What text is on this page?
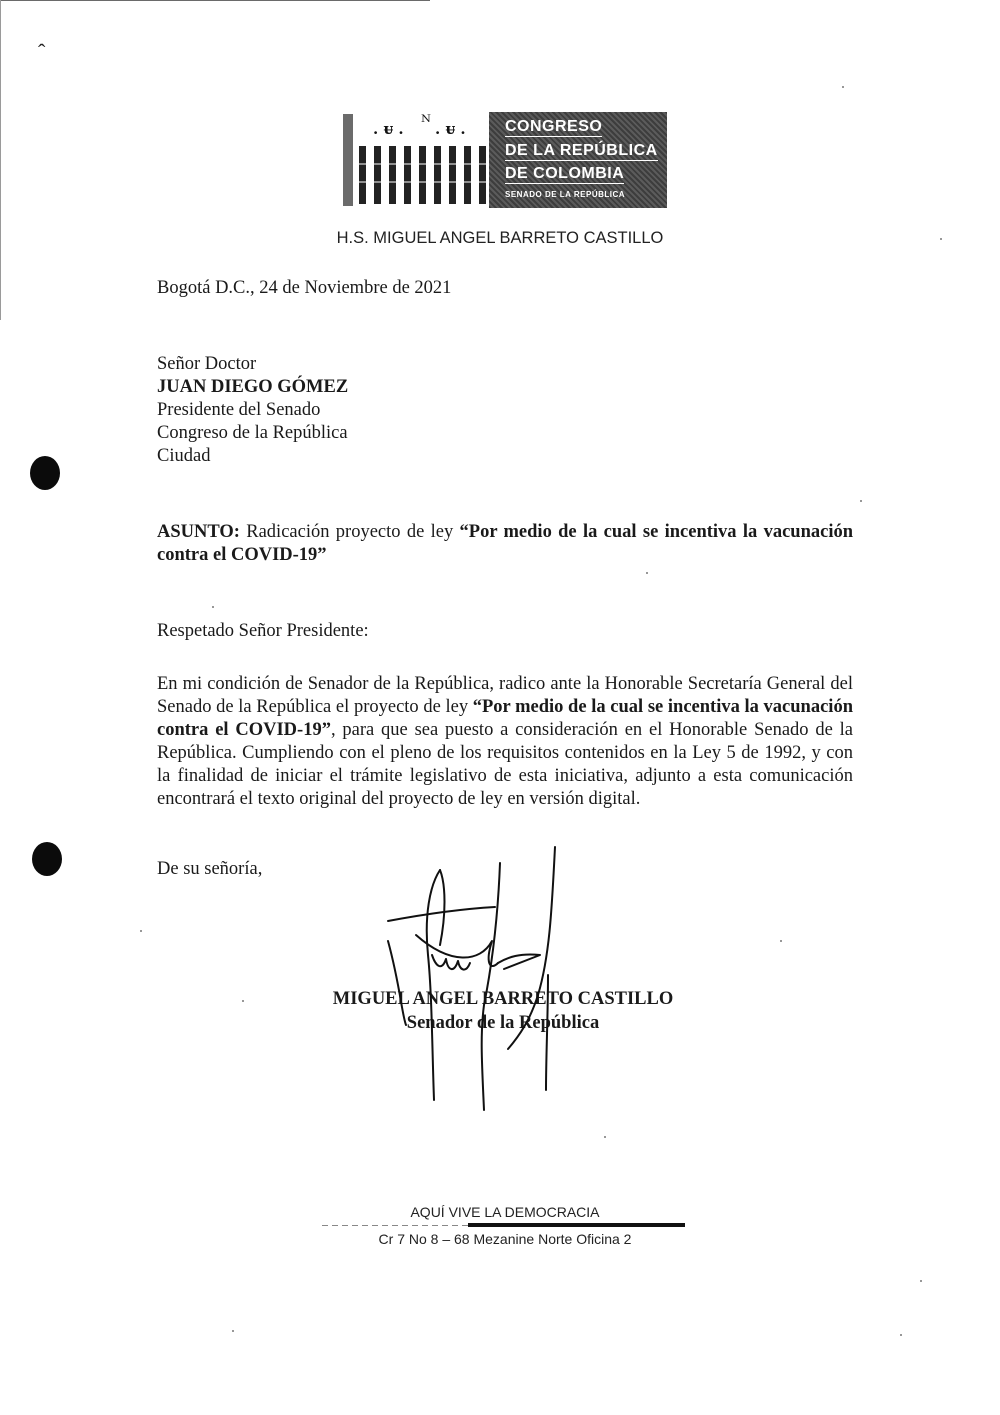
ꞈ
. ᵾ . ᴺ . ᵾ . CONGRESO
DE LA REPÚBLICA
DE COLOMBIA
SENADO DE LA REPÚBLICA
H.S. MIGUEL ANGEL BARRETO CASTILLO
Bogotá D.C., 24 de Noviembre de 2021
Señor Doctor
JUAN DIEGO GÓMEZ
Presidente del Senado
Congreso de la República
Ciudad
ASUNTO: Radicación proyecto de ley “Por medio de la cual se incentiva la vacunación contra el COVID-19”
Respetado Señor Presidente:
En mi condición de Senador de la República, radico ante la Honorable Secretaría General del Senado de la República el proyecto de ley “Por medio de la cual se incentiva la vacunación contra el COVID-19”, para que sea puesto a consideración en el Honorable Senado de la República. Cumpliendo con el pleno de los requisitos contenidos en la Ley 5 de 1992, y con la finalidad de iniciar el trámite legislativo de esta iniciativa, adjunto a esta comunicación encontrará el texto original del proyecto de ley en versión digital.
De su señoría,
MIGUEL ANGEL BARRETO CASTILLO
Senador de la República
AQUÍ VIVE LA DEMOCRACIA
Cr 7 No 8 – 68 Mezanine Norte Oficina 2
